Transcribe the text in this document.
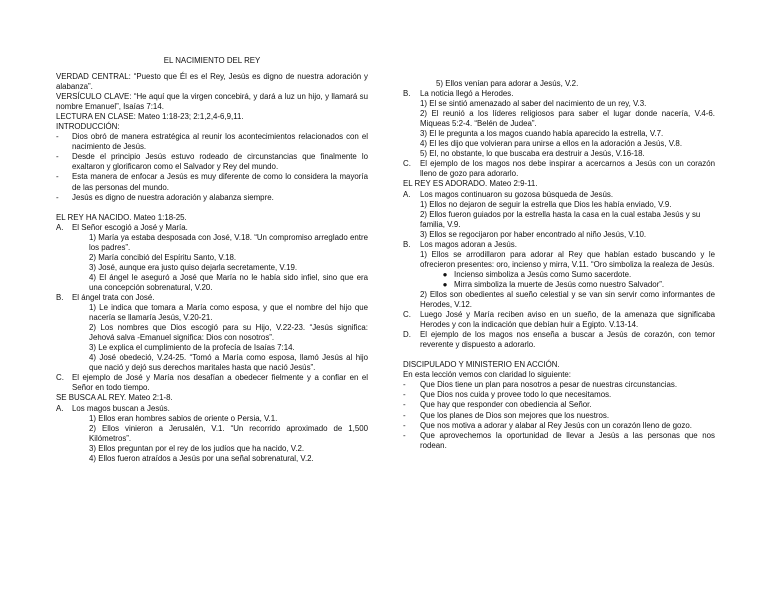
EL NACIMIENTO DEL REY
VERDAD CENTRAL: “Puesto que Él es el Rey, Jesús es digno de nuestra adoración y alabanza”.
VERSÍCULO CLAVE: “He aquí que la virgen concebirá, y dará a luz un hijo, y llamará su nombre Emanuel”, Isaías 7:14.
LECTURA EN CLASE: Mateo 1:18-23; 2:1,2,4-6,9,11.
INTRODUCCIÓN:
-	Dios obró de manera estratégica al reunir los acontecimientos relacionados con el nacimiento de Jesús.
-	Desde el principio Jesús estuvo rodeado de circunstancias que finalmente lo exaltaron y glorificaron como el Salvador y Rey del mundo.
-	Esta manera de enfocar a Jesús es muy diferente de como lo considera la mayoría de las personas del mundo.
-	Jesús es digno de nuestra adoración y alabanza siempre.
EL REY HA NACIDO. Mateo 1:18-25.
A.	El Señor escogió a José y María.
1) María ya estaba desposada con José, V.18. “Un compromiso arreglado entre los padres”.
2) María concibió del Espíritu Santo, V.18.
3) José, aunque era justo quiso dejarla secretamente, V.19.
4) El ángel le aseguró a José que María no le había sido infiel, sino que era una concepción sobrenatural, V.20.
B.	El ángel trata con José.
1) Le indica que tomara a María como esposa, y que el nombre del hijo que nacería se llamaría Jesús, V.20-21.
2) Los nombres que Dios escogió para su Hijo, V.22-23. “Jesús significa: Jehová salva -Emanuel significa: Dios con nosotros”.
3) Le explica el cumplimiento de la profecía de Isaías 7:14.
4) José obedeció, V.24-25. “Tomó a María como esposa, llamó Jesús al hijo que nació y dejó sus derechos maritales hasta que nació Jesús”.
C.	El ejemplo de José y María nos desafían a obedecer fielmente y a confiar en el Señor en todo tiempo.
SE BUSCA AL REY. Mateo 2:1-8.
A.	Los magos buscan a Jesús.
1) Ellos eran hombres sabios de oriente o Persia, V.1.
2) Ellos vinieron a Jerusalén, V.1. “Un recorrido aproximado de 1,500 Kilómetros”.
3) Ellos preguntan por el rey de los judíos que ha nacido, V.2.
4) Ellos fueron atraídos a Jesús por una señal sobrenatural, V.2.
5) Ellos venían para adorar a Jesús, V.2.
B.	La noticia llegó a Herodes.
1) El se sintió amenazado al saber del nacimiento de un rey, V.3.
2) El reunió a los líderes religiosos para saber el lugar donde nacería, V.4-6. Miqueas 5:2-4. “Belén de Judea”.
3) El le pregunta a los magos cuando había aparecido la estrella, V.7.
4) El les dijo que volvieran para unirse a ellos en la adoración a Jesús, V.8.
5) El, no obstante, lo que buscaba era destruir a Jesús, V.16-18.
C.	El ejemplo de los magos nos debe inspirar a acercarnos a Jesús con un corazón lleno de gozo para adorarlo.
EL REY ES ADORADO. Mateo 2:9-11.
A.	Los magos continuaron su gozosa búsqueda de Jesús.
1) Ellos no dejaron de seguir la estrella que Dios les había enviado, V.9.
2) Ellos fueron guiados por la estrella hasta la casa en la cual estaba Jesús y su familia, V.9.
3) Ellos se regocijaron por haber encontrado al niño Jesús, V.10.
B.	Los magos adoran a Jesús.
1) Ellos se arrodillaron para adorar al Rey que habían estado buscando y le ofrecieron presentes: oro, incienso y mirra, V.11. “Oro simboliza la realeza de Jesús.
● Incienso simboliza a Jesús como Sumo sacerdote.
● Mirra simboliza la muerte de Jesús como nuestro Salvador”.
2) Ellos son obedientes al sueño celestial y se van sin servir como informantes de Herodes, V.12.
C.	Luego José y María reciben aviso en un sueño, de la amenaza que significaba Herodes y con la indicación que debían huir a Egipto. V.13-14.
D.	El ejemplo de los magos nos enseña a buscar a Jesús de corazón, con temor reverente y dispuesto a adorarlo.
DISCIPULADO Y MINISTERIO EN ACCIÓN.
En esta lección vemos con claridad lo siguiente:
-	Que Dios tiene un plan para nosotros a pesar de nuestras circunstancias.
-	Que Dios nos cuida y provee todo lo que necesitamos.
-	Que hay que responder con obediencia al Señor.
-	Que los planes de Dios son mejores que los nuestros.
-	Que nos motiva a adorar y alabar al Rey Jesús con un corazón lleno de gozo.
-	Que aprovechemos la oportunidad de llevar a Jesús a las personas que nos rodean.
